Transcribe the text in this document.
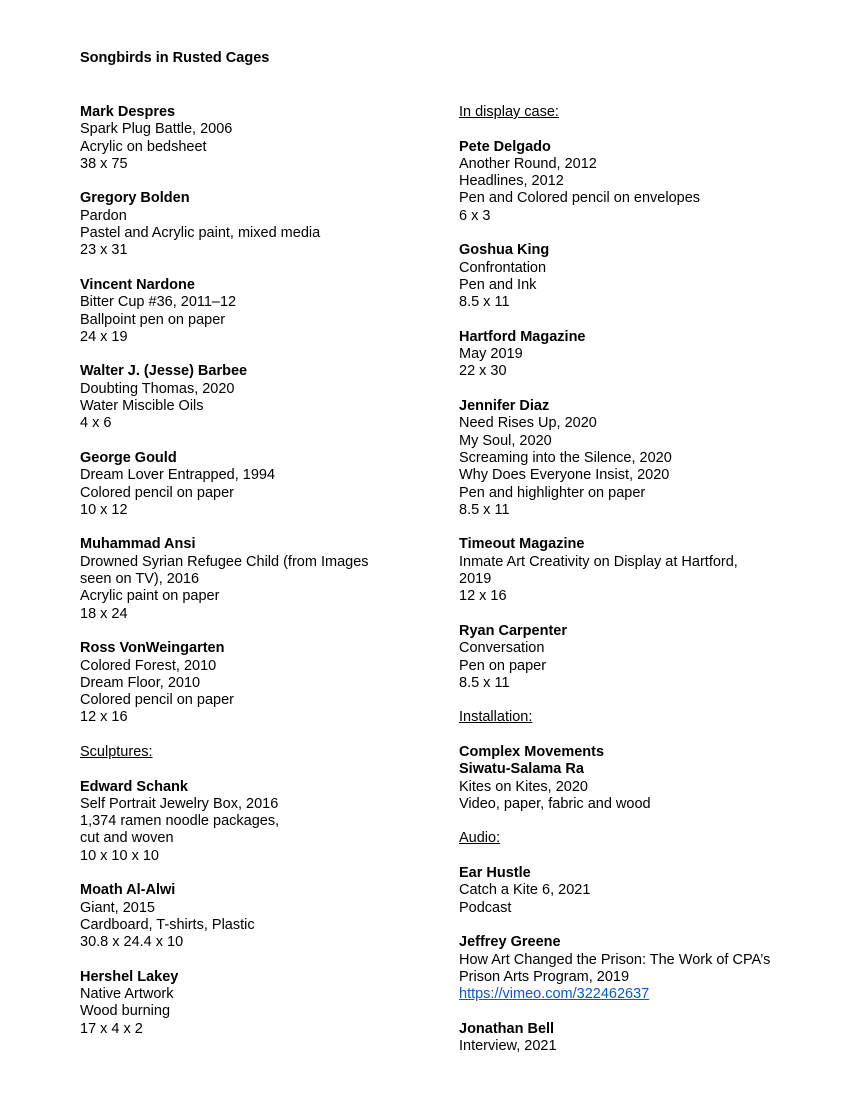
Songbirds in Rusted Cages
Mark Despres
Spark Plug Battle, 2006
Acrylic on bedsheet
38 x 75
Gregory Bolden
Pardon
Pastel and Acrylic paint, mixed media
23 x 31
Vincent Nardone
Bitter Cup #36, 2011–12
Ballpoint pen on paper
24 x 19
Walter J. (Jesse) Barbee
Doubting Thomas, 2020
Water Miscible Oils
4 x 6
George Gould
Dream Lover Entrapped, 1994
Colored pencil on paper
10 x 12
Muhammad Ansi
Drowned Syrian Refugee Child (from Images
seen on TV), 2016
Acrylic paint on paper
18 x 24
Ross VonWeingarten
Colored Forest, 2010
Dream Floor, 2010
Colored pencil on paper
12 x 16
Sculptures:
Edward Schank
Self Portrait Jewelry Box, 2016
1,374 ramen noodle packages,
cut and woven
10 x 10 x 10
Moath Al-Alwi
Giant, 2015
Cardboard, T-shirts, Plastic
30.8 x 24.4 x 10
Hershel Lakey
Native Artwork
Wood burning
17 x 4 x 2
In display case:
Pete Delgado
Another Round, 2012
Headlines, 2012
Pen and Colored pencil on envelopes
6 x 3
Goshua King
Confrontation
Pen and Ink
8.5 x 11
Hartford Magazine
May 2019
22 x 30
Jennifer Diaz
Need Rises Up, 2020
My Soul, 2020
Screaming into the Silence, 2020
Why Does Everyone Insist, 2020
Pen and highlighter on paper
8.5 x 11
Timeout Magazine
Inmate Art Creativity on Display at Hartford,
2019
12 x 16
Ryan Carpenter
Conversation
Pen on paper
8.5 x 11
Installation:
Complex Movements
Siwatu-Salama Ra
Kites on Kites, 2020
Video, paper, fabric and wood
Audio:
Ear Hustle
Catch a Kite 6, 2021
Podcast
Jeffrey Greene
How Art Changed the Prison: The Work of CPA’s
Prison Arts Program, 2019
https://vimeo.com/322462637
Jonathan Bell
Interview, 2021
